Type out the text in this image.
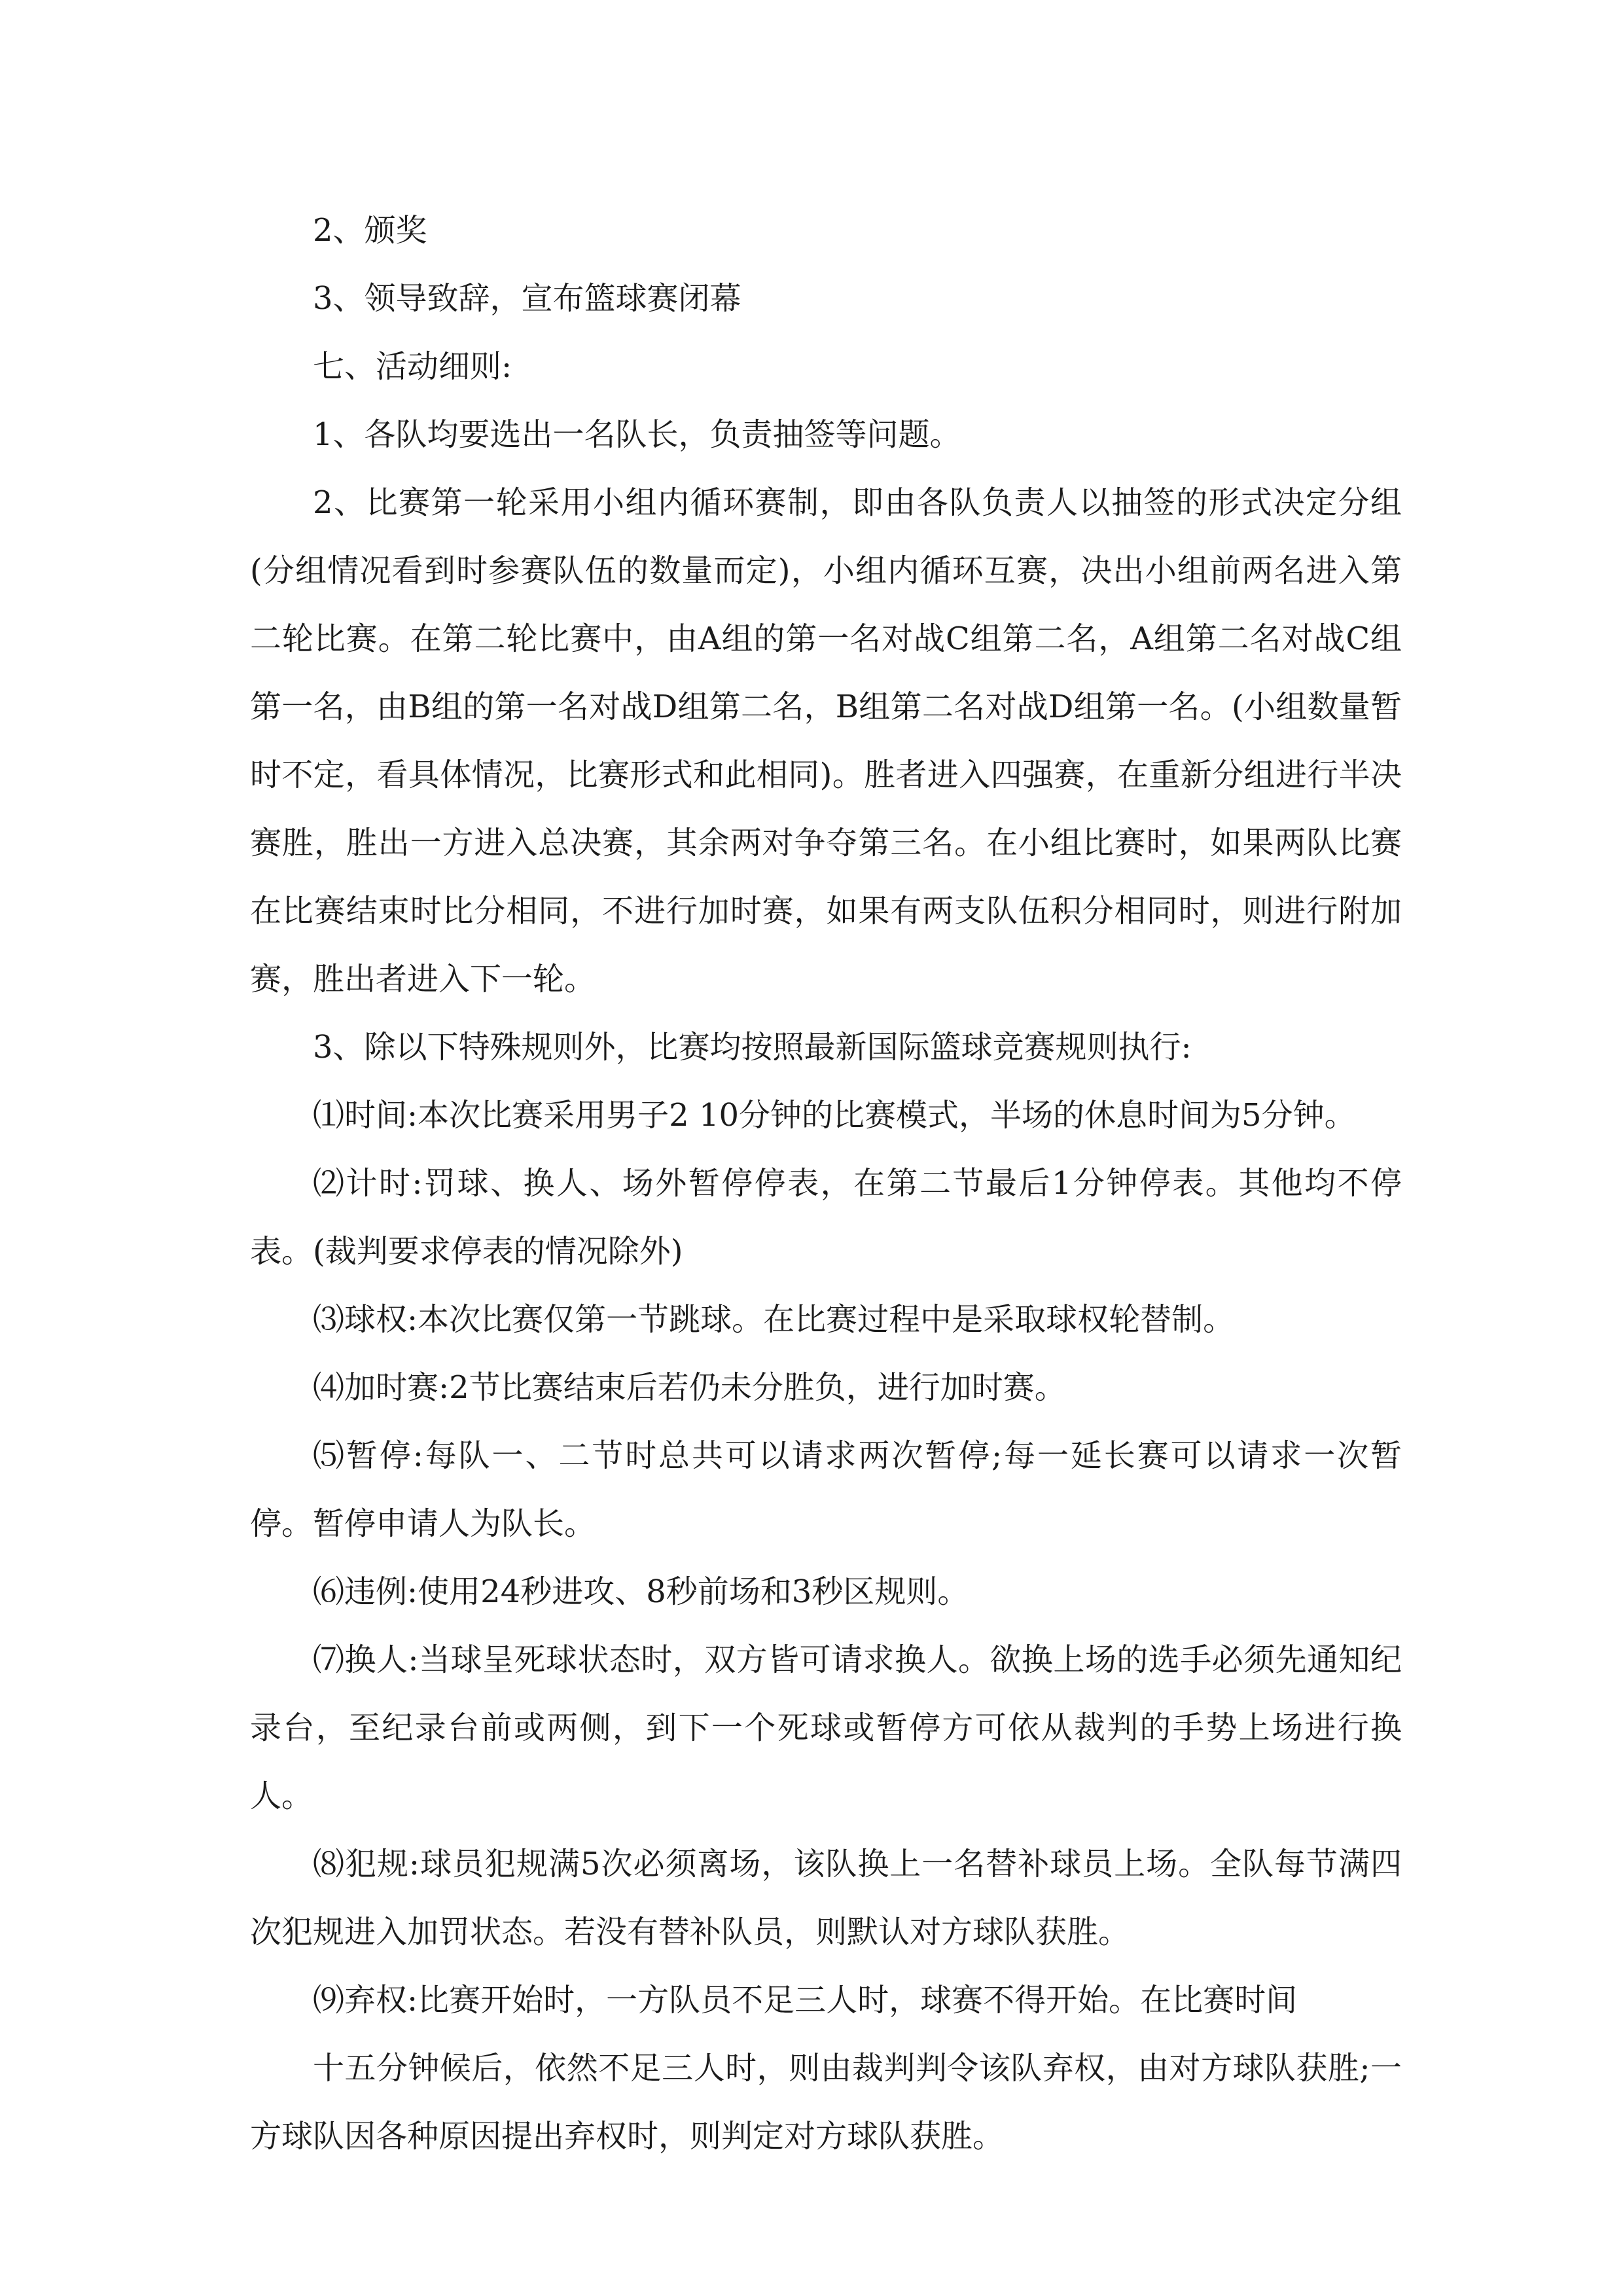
2、颁奖

3、领导致辞，宣布篮球赛闭幕

七、活动细则:

1、各队均要选出一名队长，负责抽签等问题。

2、比赛第一轮采用小组内循环赛制，即由各队负责人以抽签的形式决定分组(分组情况看到时参赛队伍的数量而定)，小组内循环互赛，决出小组前两名进入第二轮比赛。在第二轮比赛中，由A组的第一名对战C组第二名，A组第二名对战C组第一名，由B组的第一名对战D组第二名，B组第二名对战D组第一名。(小组数量暂时不定，看具体情况，比赛形式和此相同)。胜者进入四强赛，在重新分组进行半决赛胜，胜出一方进入总决赛，其余两对争夺第三名。在小组比赛时，如果两队比赛在比赛结束时比分相同，不进行加时赛，如果有两支队伍积分相同时，则进行附加赛，胜出者进入下一轮。

3、除以下特殊规则外，比赛均按照最新国际篮球竞赛规则执行:

⑴时间:本次比赛采用男子2 10分钟的比赛模式，半场的休息时间为5分钟。

⑵计时:罚球、换人、场外暂停停表，在第二节最后1分钟停表。其他均不停表。(裁判要求停表的情况除外)

⑶球权:本次比赛仅第一节跳球。在比赛过程中是采取球权轮替制。

⑷加时赛:2节比赛结束后若仍未分胜负，进行加时赛。

⑸暂停:每队一、二节时总共可以请求两次暂停;每一延长赛可以请求一次暂停。暂停申请人为队长。

⑹违例:使用24秒进攻、8秒前场和3秒区规则。

⑺换人:当球呈死球状态时，双方皆可请求换人。欲换上场的选手必须先通知纪录台，至纪录台前或两侧，到下一个死球或暂停方可依从裁判的手势上场进行换人。

⑻犯规:球员犯规满5次必须离场，该队换上一名替补球员上场。全队每节满四次犯规进入加罚状态。若没有替补队员，则默认对方球队获胜。

⑼弃权:比赛开始时，一方队员不足三人时，球赛不得开始。在比赛时间

十五分钟候后，依然不足三人时，则由裁判判令该队弃权，由对方球队获胜;一方球队因各种原因提出弃权时，则判定对方球队获胜。
